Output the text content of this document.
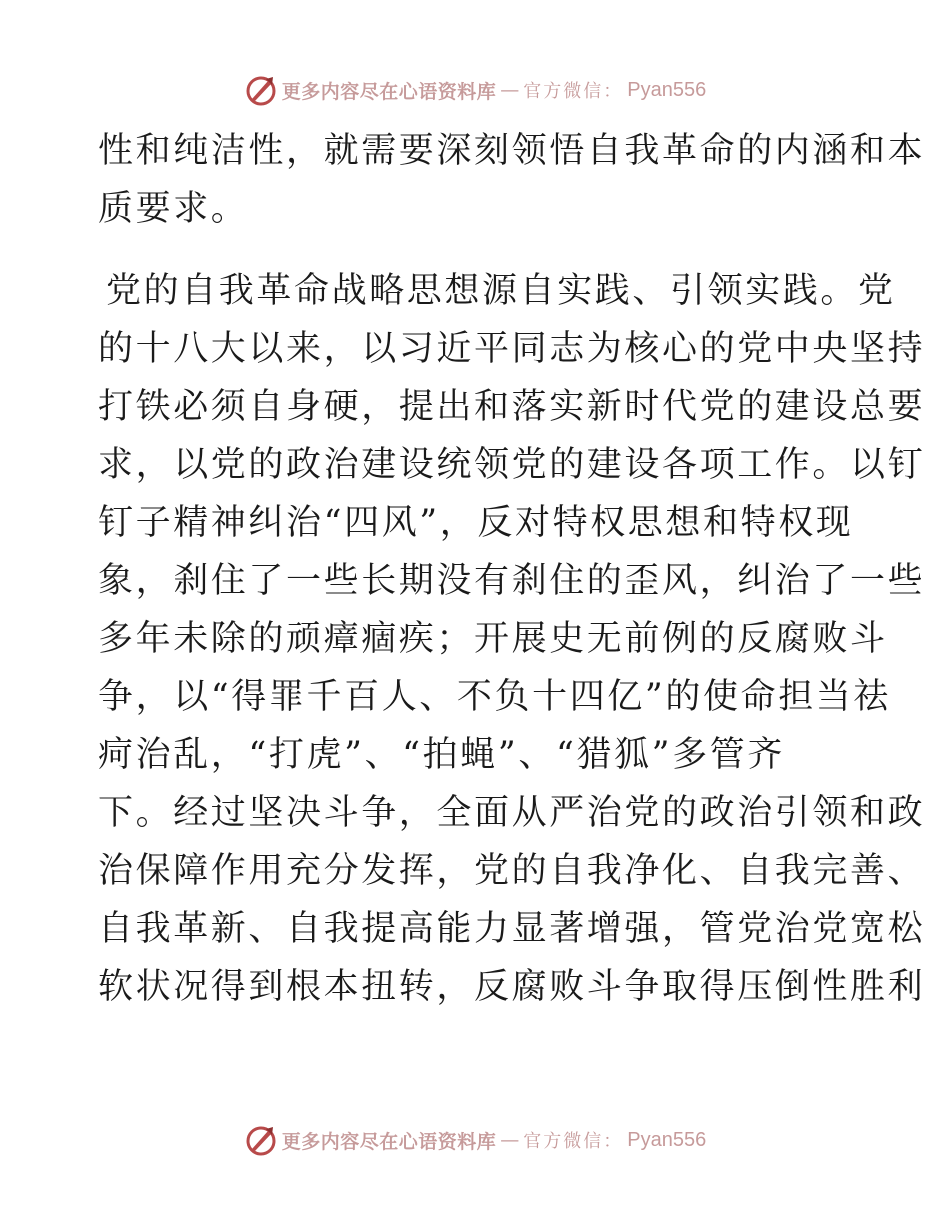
更多内容尽在心语资料库 — 官方微信： Pyan556
性和纯洁性，就需要深刻领悟自我革命的内涵和本
质要求。
党的自我革命战略思想源自实践、引领实践。党
的十八大以来，以习近平同志为核心的党中央坚持
打铁必须自身硬，提出和落实新时代党的建设总要
求，以党的政治建设统领党的建设各项工作。以钉
钉子精神纠治“四风”，反对特权思想和特权现
象，刹住了一些长期没有刹住的歪风，纠治了一些
多年未除的顽瘴痼疾；开展史无前例的反腐败斗
争，以“得罪千百人、不负十四亿”的使命担当祛
疴治乱，“打虎”、“拍蝇”、“猎狐”多管齐
下。经过坚决斗争，全面从严治党的政治引领和政
治保障作用充分发挥，党的自我净化、自我完善、
自我革新、自我提高能力显著增强，管党治党宽松
软状况得到根本扭转，反腐败斗争取得压倒性胜利
更多内容尽在心语资料库 — 官方微信： Pyan556
